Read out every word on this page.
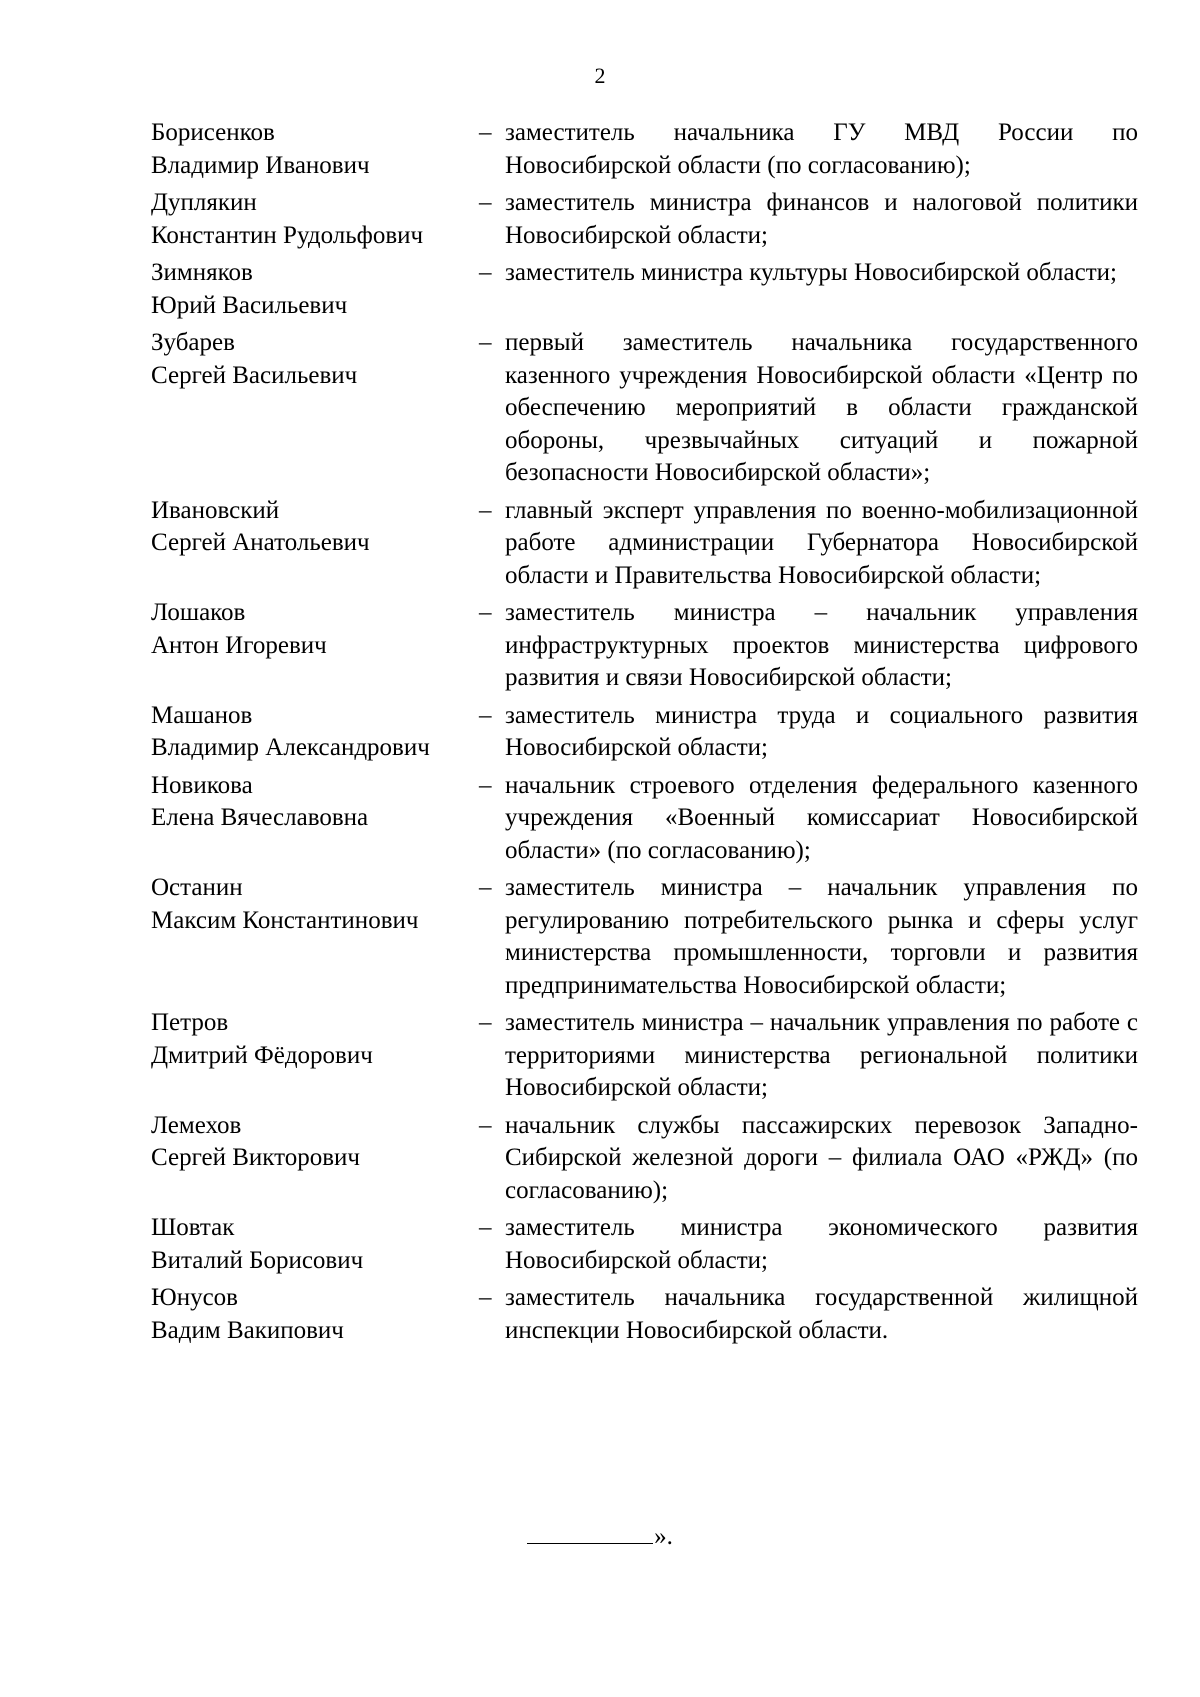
2
Борисенков
Владимир Иванович
– заместитель начальника ГУ МВД России по Новосибирской области (по согласованию);
Дуплякин
Константин Рудольфович
– заместитель министра финансов и налоговой политики Новосибирской области;
Зимняков
Юрий Васильевич
– заместитель министра культуры Новосибирской области;
Зубарев
Сергей Васильевич
– первый заместитель начальника государственного казенного учреждения Новосибирской области «Центр по обеспечению мероприятий в области гражданской обороны, чрезвычайных ситуаций и пожарной безопасности Новосибирской области»;
Ивановский
Сергей Анатольевич
– главный эксперт управления по военно-мобилизационной работе администрации Губернатора Новосибирской области и Правительства Новосибирской области;
Лошаков
Антон Игоревич
– заместитель министра – начальник управления инфраструктурных проектов министерства цифрового развития и связи Новосибирской области;
Машанов
Владимир Александрович
– заместитель министра труда и социального развития Новосибирской области;
Новикова
Елена Вячеславовна
– начальник строевого отделения федерального казенного учреждения «Военный комиссариат Новосибирской области» (по согласованию);
Останин
Максим Константинович
– заместитель министра – начальник управления по регулированию потребительского рынка и сферы услуг министерства промышленности, торговли и развития предпринимательства Новосибирской области;
Петров
Дмитрий Фёдорович
– заместитель министра – начальник управления по работе с территориями министерства региональной политики Новосибирской области;
Лемехов
Сергей Викторович
– начальник службы пассажирских перевозок Западно-Сибирской железной дороги – филиала ОАО «РЖД» (по согласованию);
Шовтак
Виталий Борисович
– заместитель министра экономического развития Новосибирской области;
Юнусов
Вадим Вакипович
– заместитель начальника государственной жилищной инспекции Новосибирской области.
».
